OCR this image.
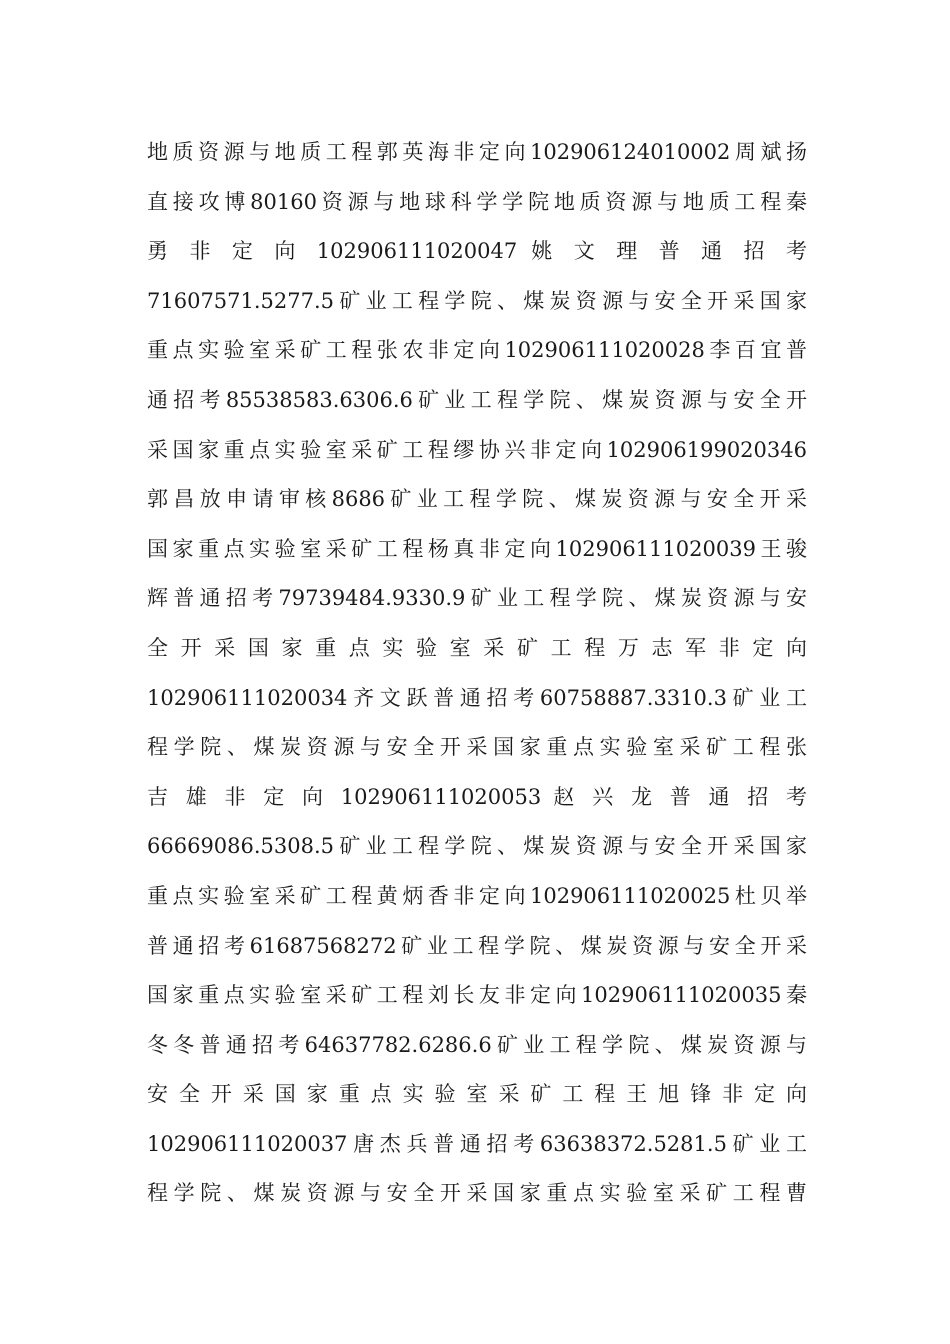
地质资源与地质工程郭英海非定向102906124010002周斌扬
直接攻博80160资源与地球科学学院地质资源与地质工程秦
勇 非 定 向 102906111020047 姚 文 理 普 通 招 考
71607571.5277.5矿业工程学院、煤炭资源与安全开采国家
重点实验室采矿工程张农非定向102906111020028李百宜普
通招考85538583.6306.6矿业工程学院、煤炭资源与安全开
采国家重点实验室采矿工程缪协兴非定向102906199020346
郭昌放申请审核8686矿业工程学院、煤炭资源与安全开采
国家重点实验室采矿工程杨真非定向102906111020039王骏
辉普通招考79739484.9330.9矿业工程学院、煤炭资源与安
全 开 采 国 家 重 点 实 验 室 采 矿 工 程 万 志 军 非 定 向
102906111020034齐文跃普通招考60758887.3310.3矿业工
程学院、煤炭资源与安全开采国家重点实验室采矿工程张
吉 雄 非 定 向 102906111020053 赵 兴 龙 普 通 招 考
66669086.5308.5矿业工程学院、煤炭资源与安全开采国家
重点实验室采矿工程黄炳香非定向102906111020025杜贝举
普通招考61687568272矿业工程学院、煤炭资源与安全开采
国家重点实验室采矿工程刘长友非定向102906111020035秦
冬冬普通招考64637782.6286.6矿业工程学院、煤炭资源与
安 全 开 采 国 家 重 点 实 验 室 采 矿 工 程 王 旭 锋 非 定 向
102906111020037唐杰兵普通招考63638372.5281.5矿业工
程学院、煤炭资源与安全开采国家重点实验室采矿工程曹
